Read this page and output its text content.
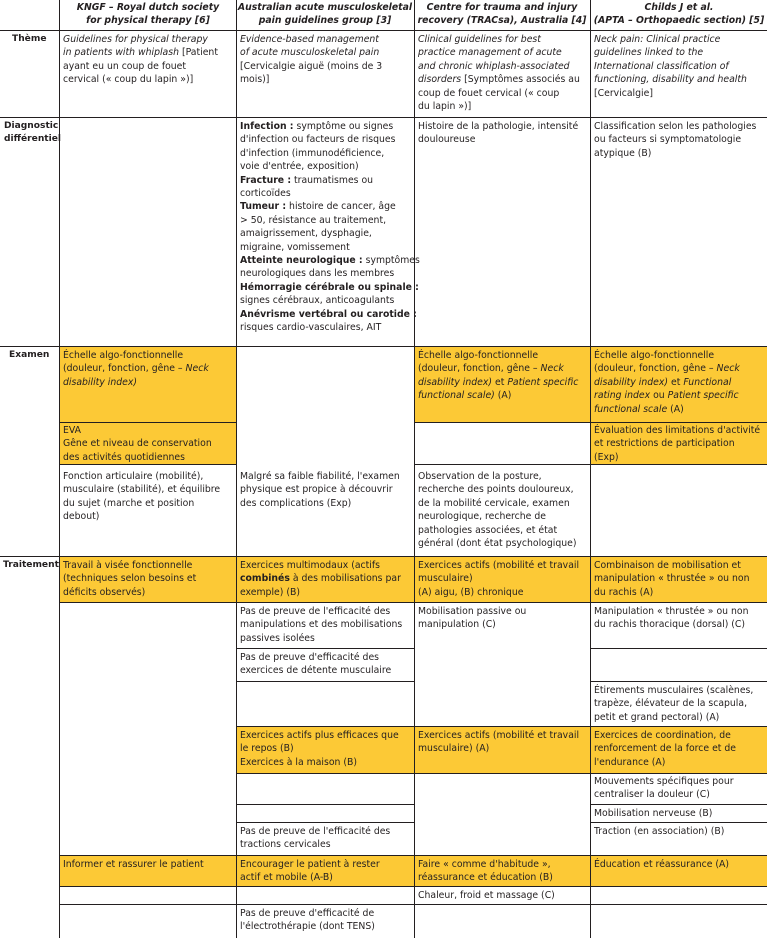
KNGF – Royal dutch society
for physical therapy [6]
Australian acute musculoskeletal
pain guidelines group [3]
Centre for trauma and injury
recovery (TRACsa), Australia [4]
Childs J et al.
(APTA – Orthopaedic section) [5]
Thème
Diagnostic
différentiel
Examen
Traitement
Guidelines for physical therapy
in patients with whiplash [Patient
ayant eu un coup de fouet
cervical (« coup du lapin »)]
Evidence-based management
of acute musculoskeletal pain
[Cervicalgie aiguë (moins de 3
mois)]
Clinical guidelines for best
practice management of acute
and chronic whiplash-associated
disorders [Symptômes associés au
coup de fouet cervical (« coup
du lapin »)]
Neck pain: Clinical practice
guidelines linked to the
International classification of
functioning, disability and health
[Cervicalgie]
Infection : symptôme ou signes
d'infection ou facteurs de risques
d'infection (immunodéficience,
voie d'entrée, exposition)
Fracture : traumatismes ou
corticoïdes
Tumeur : histoire de cancer, âge
> 50, résistance au traitement,
amaigrissement, dysphagie,
migraine, vomissement
Atteinte neurologique : symptômes
neurologiques dans les membres
Hémorragie cérébrale ou spinale :
signes cérébraux, anticoagulants
Anévrisme vertébral ou carotide :
risques cardio-vasculaires, AIT
Histoire de la pathologie, intensité
douloureuse
Classification selon les pathologies
ou facteurs si symptomatologie
atypique (B)
Échelle algo-fonctionnelle
(douleur, fonction, gêne – Neck
disability index)
Échelle algo-fonctionnelle
(douleur, fonction, gêne – Neck
disability index) et Patient specific
functional scale) (A)
Échelle algo-fonctionnelle
(douleur, fonction, gêne – Neck
disability index) et Functional
rating index ou Patient specific
functional scale (A)
EVA
Gêne et niveau de conservation
des activités quotidiennes
Évaluation des limitations d'activité
et restrictions de participation
(Exp)
Fonction articulaire (mobilité),
musculaire (stabilité), et équilibre
du sujet (marche et position
debout)
Malgré sa faible fiabilité, l'examen
physique est propice à découvrir
des complications (Exp)
Observation de la posture,
recherche des points douloureux,
de la mobilité cervicale, examen
neurologique, recherche de
pathologies associées, et état
général (dont état psychologique)
Travail à visée fonctionnelle
(techniques selon besoins et
déficits observés)
Exercices multimodaux (actifs
combinés à des mobilisations par
exemple) (B)
Exercices actifs (mobilité et travail
musculaire)
(A) aigu, (B) chronique
Combinaison de mobilisation et
manipulation « thrustée » ou non
du rachis (A)
Pas de preuve de l'efficacité des
manipulations et des mobilisations
passives isolées
Mobilisation passive ou
manipulation (C)
Manipulation « thrustée » ou non
du rachis thoracique (dorsal) (C)
Pas de preuve d'efficacité des
exercices de détente musculaire
Étirements musculaires (scalènes,
trapèze, élévateur de la scapula,
petit et grand pectoral) (A)
Exercices actifs plus efficaces que
le repos (B)
Exercices à la maison (B)
Exercices actifs (mobilité et travail
musculaire) (A)
Exercices de coordination, de
renforcement de la force et de
l'endurance (A)
Mouvements spécifiques pour
centraliser la douleur (C)
Mobilisation nerveuse (B)
Pas de preuve de l'efficacité des
tractions cervicales
Traction (en association) (B)
Informer et rassurer le patient	Encourager le patient à rester
actif et mobile (A-B)
Faire « comme d'habitude »,
réassurance et éducation (B)
Éducation et réassurance (A)
Chaleur, froid et massage (C)
Pas de preuve d'efficacité de
l'électrothérapie (dont TENS)
